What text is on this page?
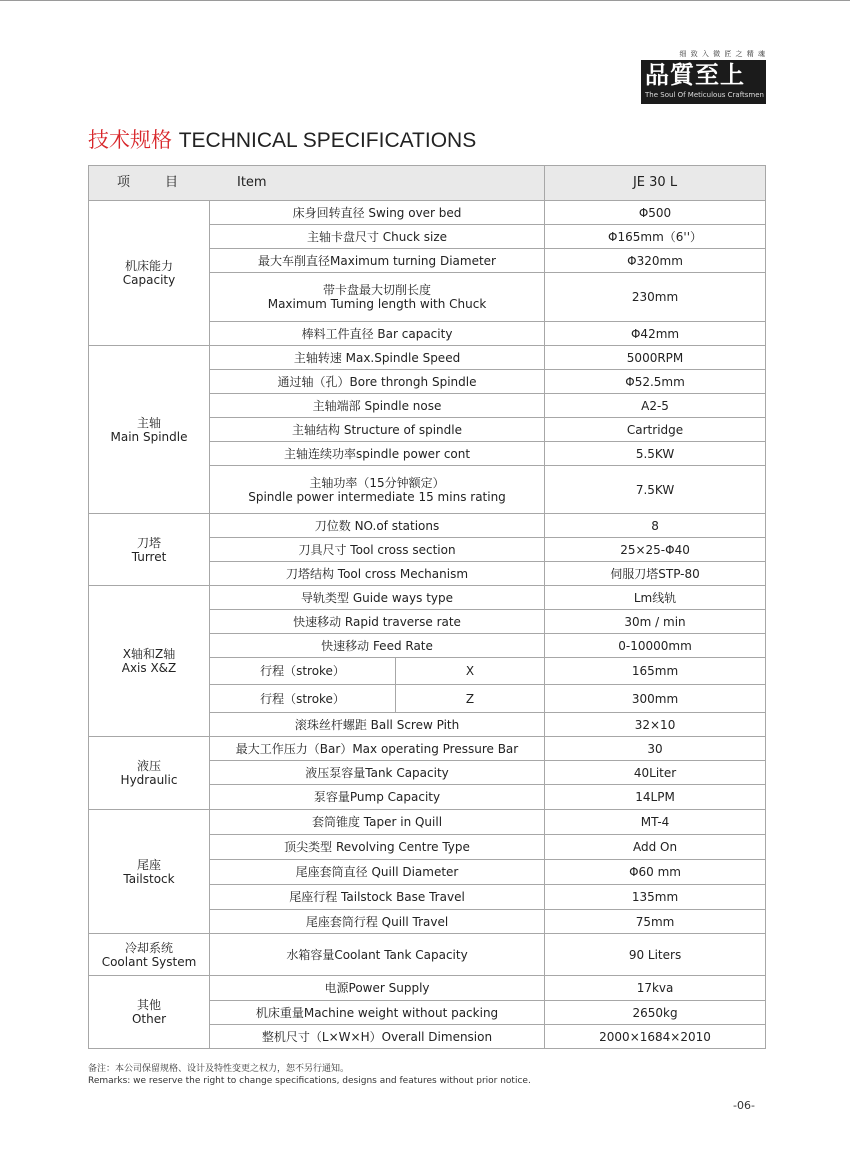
细 致 入 微 匠 之 精 魂
品質至上
The Soul Of Meticulous Craftsmen
技术规格 TECHNICAL SPECIFICATIONS
项　　目 Item			JE 30 L

机床能力
Capacity	床身回转直径 Swing over bed		Φ500
	主轴卡盘尺寸 Chuck size		Φ165mm（6''）
	最大车削直径Maximum turning Diameter		Φ320mm

	带卡盘最大切削长度
Maximum Tuming length with Chuck		230mm
	棒料工件直径 Bar capacity		Φ42mm

主轴
Main Spindle	主轴转速 Max.Spindle Speed		5000RPM
	通过轴（孔）Bore throngh Spindle		Φ52.5mm
	主轴端部 Spindle nose		A2-5
	主轴结构 Structure of spindle		Cartridge
	主轴连续功率spindle power cont		5.5KW

	主轴功率（15分钟额定）
Spindle power intermediate 15 mins rating		7.5KW

刀塔
Turret	刀位数 NO.of stations		8
	刀具尺寸 Tool cross section		25×25-Φ40
	刀塔结构 Tool cross Mechanism		伺服刀塔STP-80

X轴和Z轴
Axis X&Z	导轨类型 Guide ways type		Lm线轨
	快速移动 Rapid traverse rate		30m / min
	快速移动 Feed Rate		0-10000mm
	行程（stroke）	X	165mm
	行程（stroke）	Z	300mm
	滚珠丝杆螺距 Ball Screw Pith		32×10

液压
Hydraulic	最大工作压力（Bar）Max operating Pressure Bar		30
	液压泵容量Tank Capacity		40Liter
	泵容量Pump Capacity		14LPM

尾座
Tailstock	套筒锥度 Taper in Quill		MT-4
	顶尖类型 Revolving Centre Type		Add On
	尾座套筒直径 Quill Diameter		Φ60 mm
	尾座行程 Tailstock Base Travel		135mm
	尾座套筒行程 Quill Travel		75mm

冷却系统
Coolant System	水箱容量Coolant Tank Capacity		90 Liters

其他
Other	电源Power Supply		17kva
	机床重量Machine weight without packing		2650kg
	整机尺寸（L×W×H）Overall Dimension		2000×1684×2010
备注：本公司保留规格、设计及特性变更之权力，恕不另行通知。
Remarks: we reserve the right to change specifications, designs and features without prior notice.
-06-
